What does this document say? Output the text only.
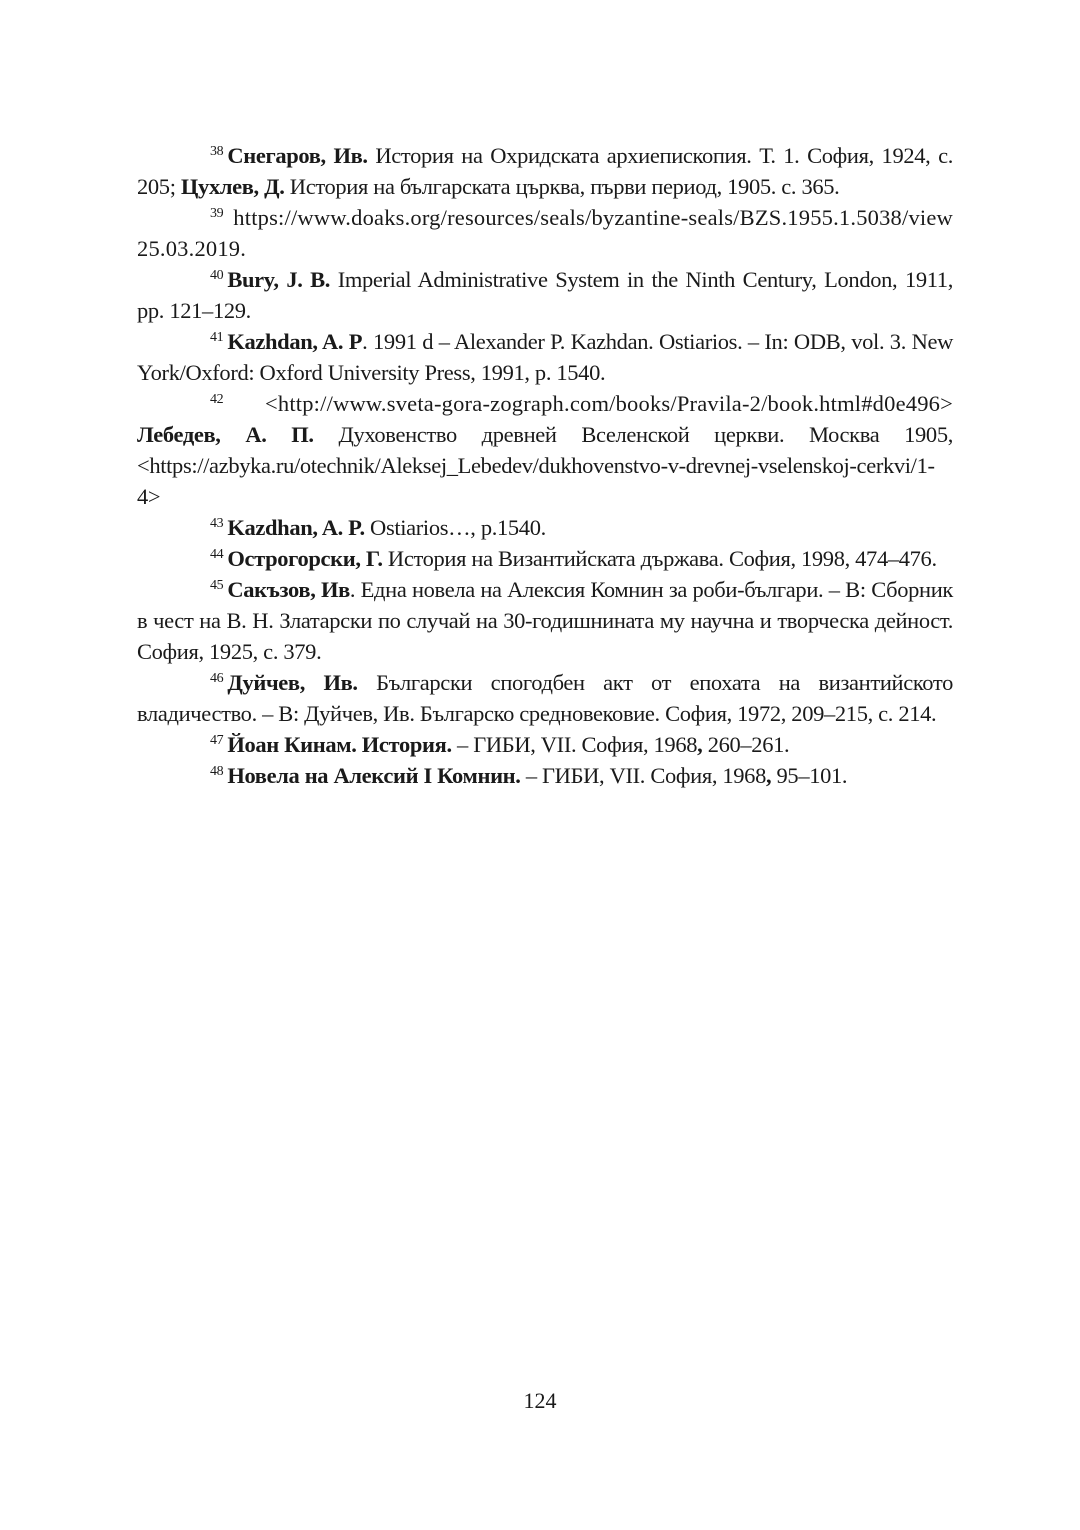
$^{38}$ Снегаров, Ив. История на Охридската архиепископия. Т. 1. София, 1924, с. 205; Цухлев, Д. История на българската църква, първи период, 1905. с. 365.

$^{39}$ https://www.doaks.org/resources/seals/byzantine-seals/BZS.1955.1.5038/view 25.03.2019.

$^{40}$ Bury, J. B. Imperial Administrative System in the Ninth Century, London, 1911, pp. 121–129.

$^{41}$ Kazhdan, A. P. 1991 d – Alexander P. Kazhdan. Ostiarios. – In: ODB, vol. 3. New York/Oxford: Oxford University Press, 1991, p. 1540.

$^{42}$ <http://www.sveta-gora-zograph.com/books/Pravila-2/book.html#d0e496> Лебедев, А. П. Духовенство древней Вселенской церкви. Москва 1905, <https://azbyka.ru/otechnik/Aleksej_Lebedev/dukhovenstvo-v-drevnej-vselenskoj-cerkvi/1-4>

$^{43}$ Kazdhan, A. P. Ostiarios…, p.1540.

$^{44}$ Острогорски, Г. История на Византийската държава. София, 1998, 474–476.

$^{45}$ Сакъзов, Ив. Една новела на Алексия Комнин за роби-българи. – В: Сборник в чест на В. Н. Златарски по случай на 30-годишнината му научна и творческа дейност. София, 1925, с. 379.

$^{46}$ Дуйчев, Ив. Български спогодбен акт от епохата на византийското владичество. – В: Дуйчев, Ив. Българско средновековие. София, 1972, 209–215, с. 214.

$^{47}$ Йоан Кинам. История. – ГИБИ, VII. София, 1968, 260–261.

$^{48}$ Новела на Алексий I Комнин. – ГИБИ, VII. София, 1968, 95–101.

124
